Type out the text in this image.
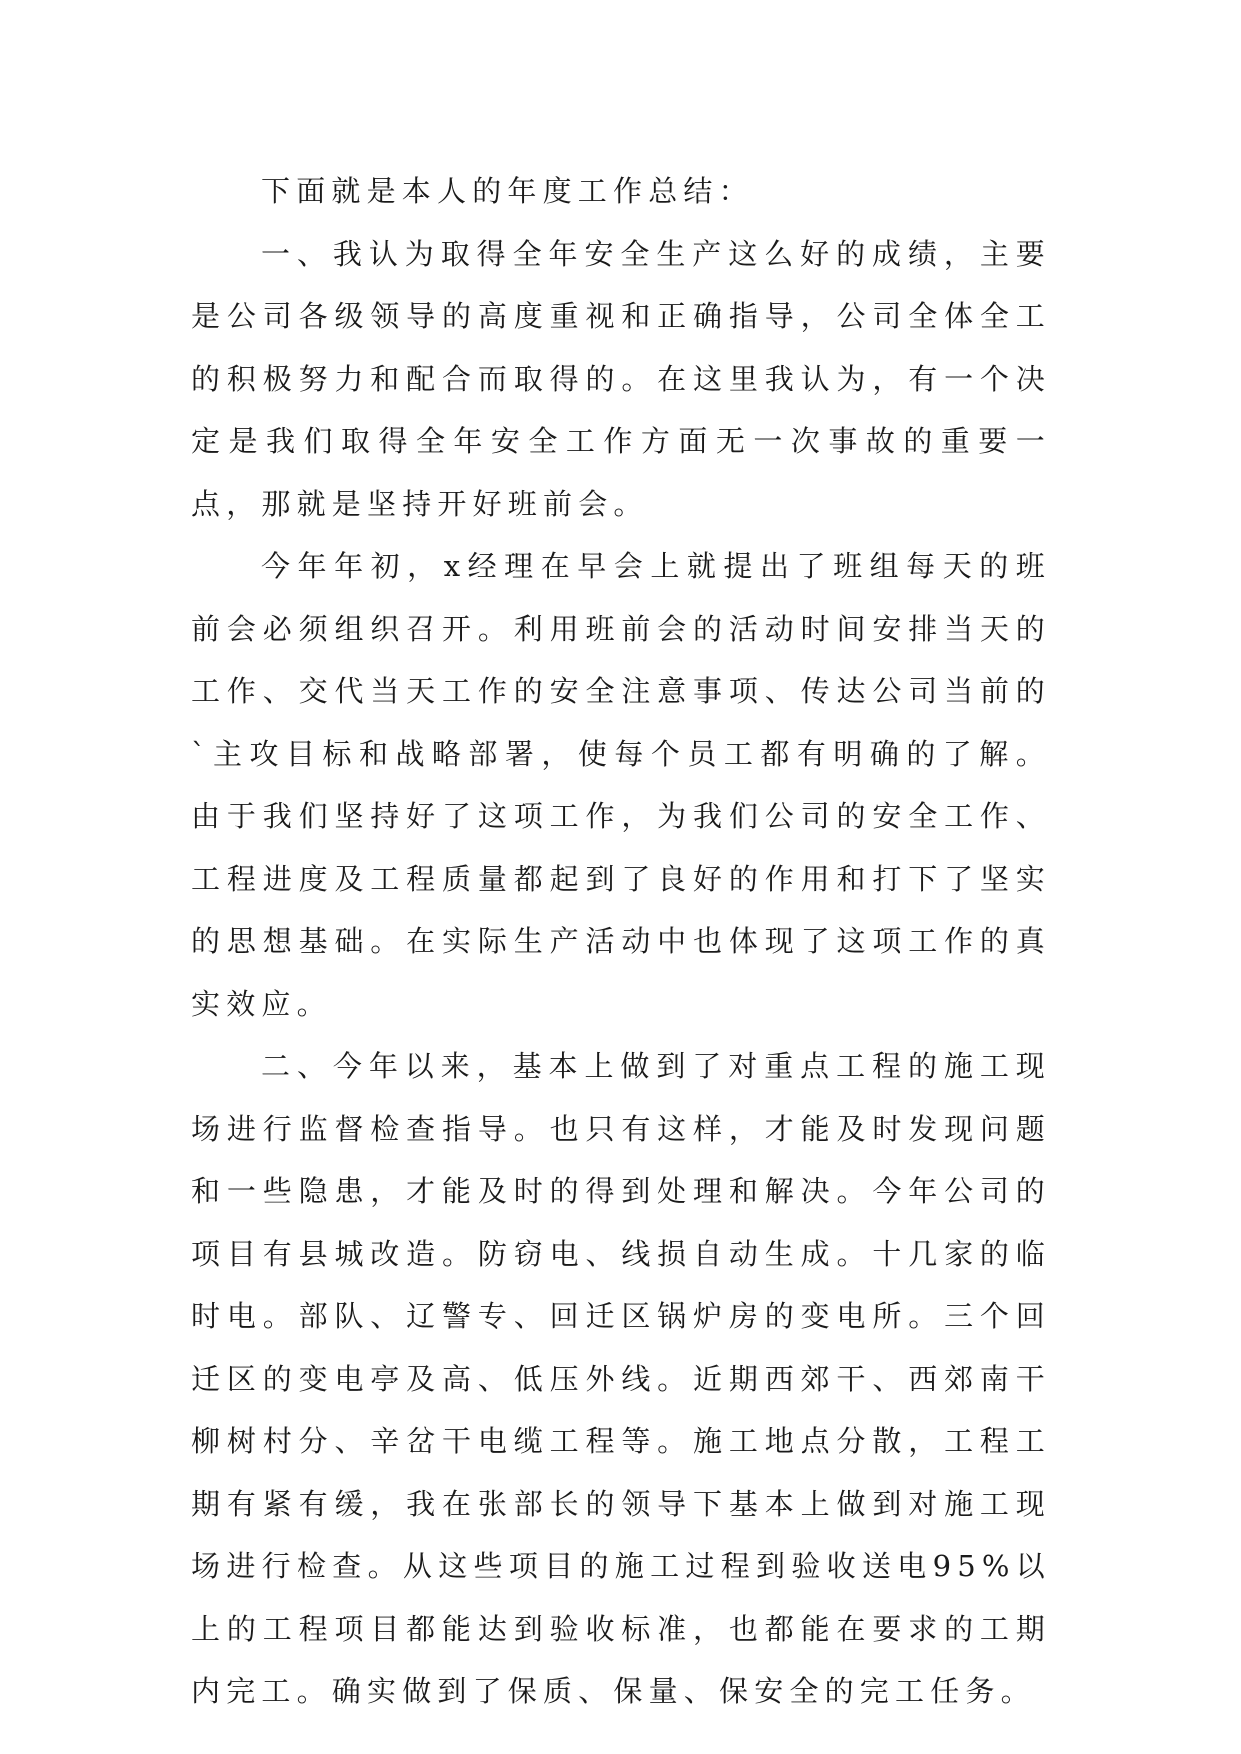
下面就是本人的年度工作总结：

一、我认为取得全年安全生产这么好的成绩，主要是公司各级领导的高度重视和正确指导，公司全体全工的积极努力和配合而取得的。在这里我认为，有一个决定是我们取得全年安全工作方面无一次事故的重要一点，那就是坚持开好班前会。

今年年初，x经理在早会上就提出了班组每天的班前会必须组织召开。利用班前会的活动时间安排当天的工作、交代当天工作的安全注意事项、传达公司当前的`主攻目标和战略部署，使每个员工都有明确的了解。由于我们坚持好了这项工作，为我们公司的安全工作、工程进度及工程质量都起到了良好的作用和打下了坚实的思想基础。在实际生产活动中也体现了这项工作的真实效应。

二、今年以来，基本上做到了对重点工程的施工现场进行监督检查指导。也只有这样，才能及时发现问题和一些隐患，才能及时的得到处理和解决。今年公司的项目有县城改造。防窃电、线损自动生成。十几家的临时电。部队、辽警专、回迁区锅炉房的变电所。三个回迁区的变电亭及高、低压外线。近期西郊干、西郊南干柳树村分、辛岔干电缆工程等。施工地点分散，工程工期有紧有缓，我在张部长的领导下基本上做到对施工现场进行检查。从这些项目的施工过程到验收送电95%以上的工程项目都能达到验收标准，也都能在要求的工期内完工。确实做到了保质、保量、保安全的完工任务。
